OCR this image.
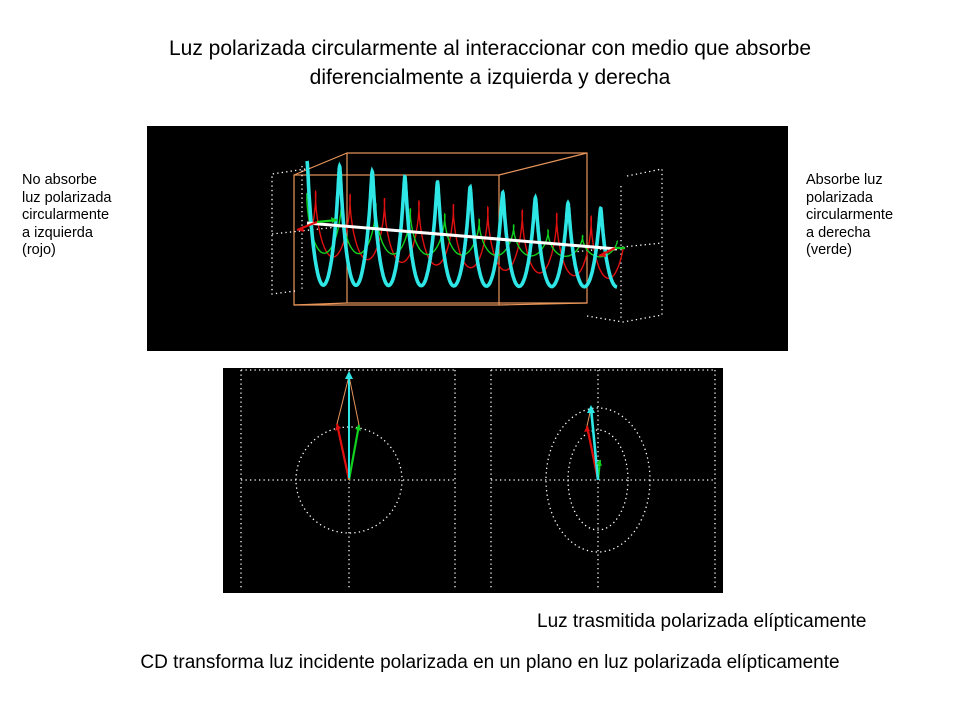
Luz polarizada circularmente al interaccionar con medio que absorbe
diferencialmente a izquierda y derecha
No absorbe
luz polarizada
circularmente
a izquierda
(rojo)
Absorbe luz
polarizada
circularmente
a derecha
(verde)
Luz trasmitida polarizada elípticamente
CD transforma luz incidente polarizada en un plano en luz polarizada elípticamente
